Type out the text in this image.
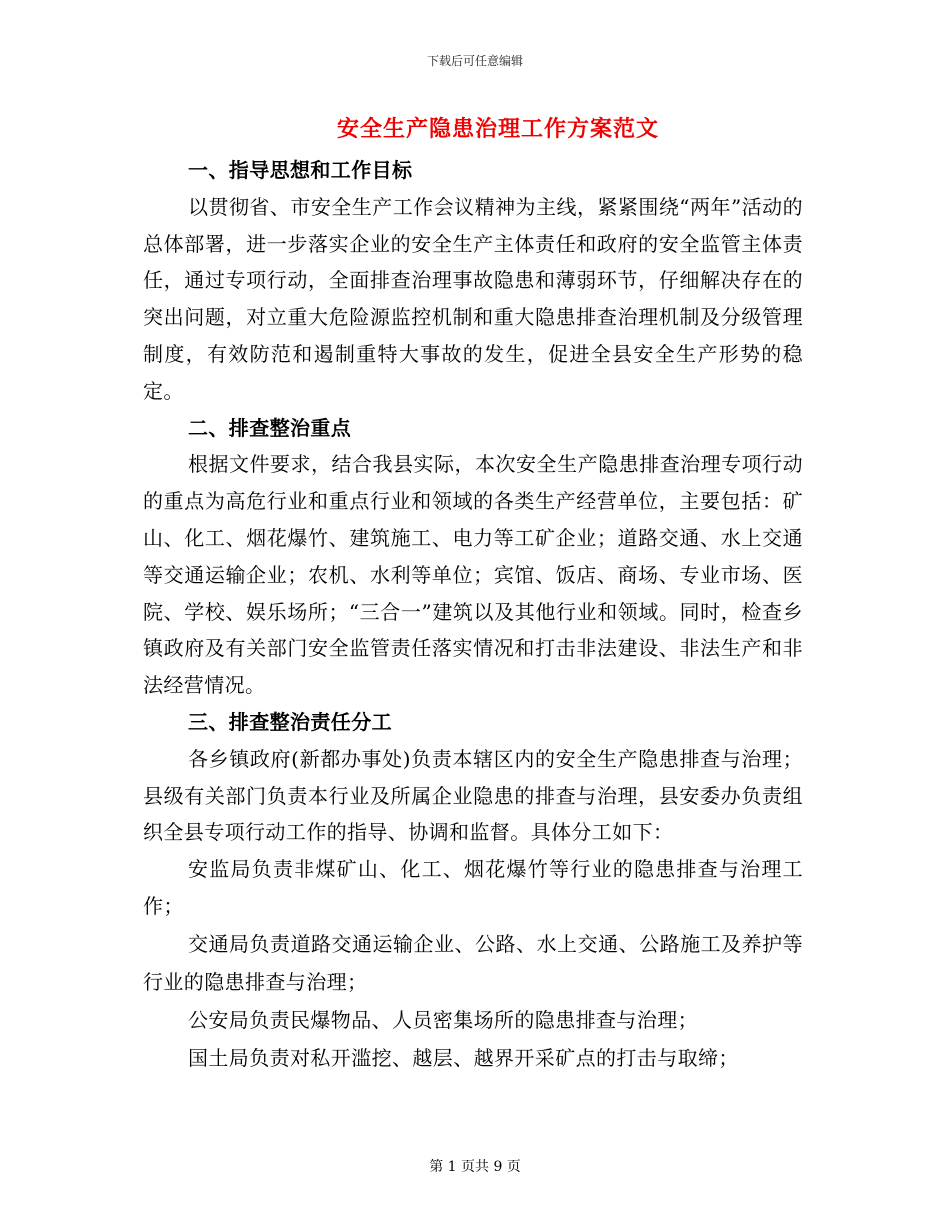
下载后可任意编辑
安全生产隐患治理工作方案范文
一、指导思想和工作目标

以贯彻省、市安全生产工作会议精神为主线，紧紧围绕“两年”活动的总体部署，进一步落实企业的安全生产主体责任和政府的安全监管主体责任，通过专项行动，全面排查治理事故隐患和薄弱环节，仔细解决存在的突出问题，对立重大危险源监控机制和重大隐患排查治理机制及分级管理制度，有效防范和遏制重特大事故的发生，促进全县安全生产形势的稳定。

二、排查整治重点

根据文件要求，结合我县实际，本次安全生产隐患排查治理专项行动的重点为高危行业和重点行业和领域的各类生产经营单位，主要包括：矿山、化工、烟花爆竹、建筑施工、电力等工矿企业；道路交通、水上交通等交通运输企业；农机、水利等单位；宾馆、饭店、商场、专业市场、医院、学校、娱乐场所；“三合一”建筑以及其他行业和领域。同时，检查乡镇政府及有关部门安全监管责任落实情况和打击非法建设、非法生产和非法经营情况。

三、排查整治责任分工

各乡镇政府(新都办事处)负责本辖区内的安全生产隐患排查与治理；县级有关部门负责本行业及所属企业隐患的排查与治理，县安委办负责组织全县专项行动工作的指导、协调和监督。具体分工如下：

安监局负责非煤矿山、化工、烟花爆竹等行业的隐患排查与治理工作；

交通局负责道路交通运输企业、公路、水上交通、公路施工及养护等行业的隐患排查与治理；

公安局负责民爆物品、人员密集场所的隐患排查与治理；

国土局负责对私开滥挖、越层、越界开采矿点的打击与取缔；

第 1 页共 9 页
